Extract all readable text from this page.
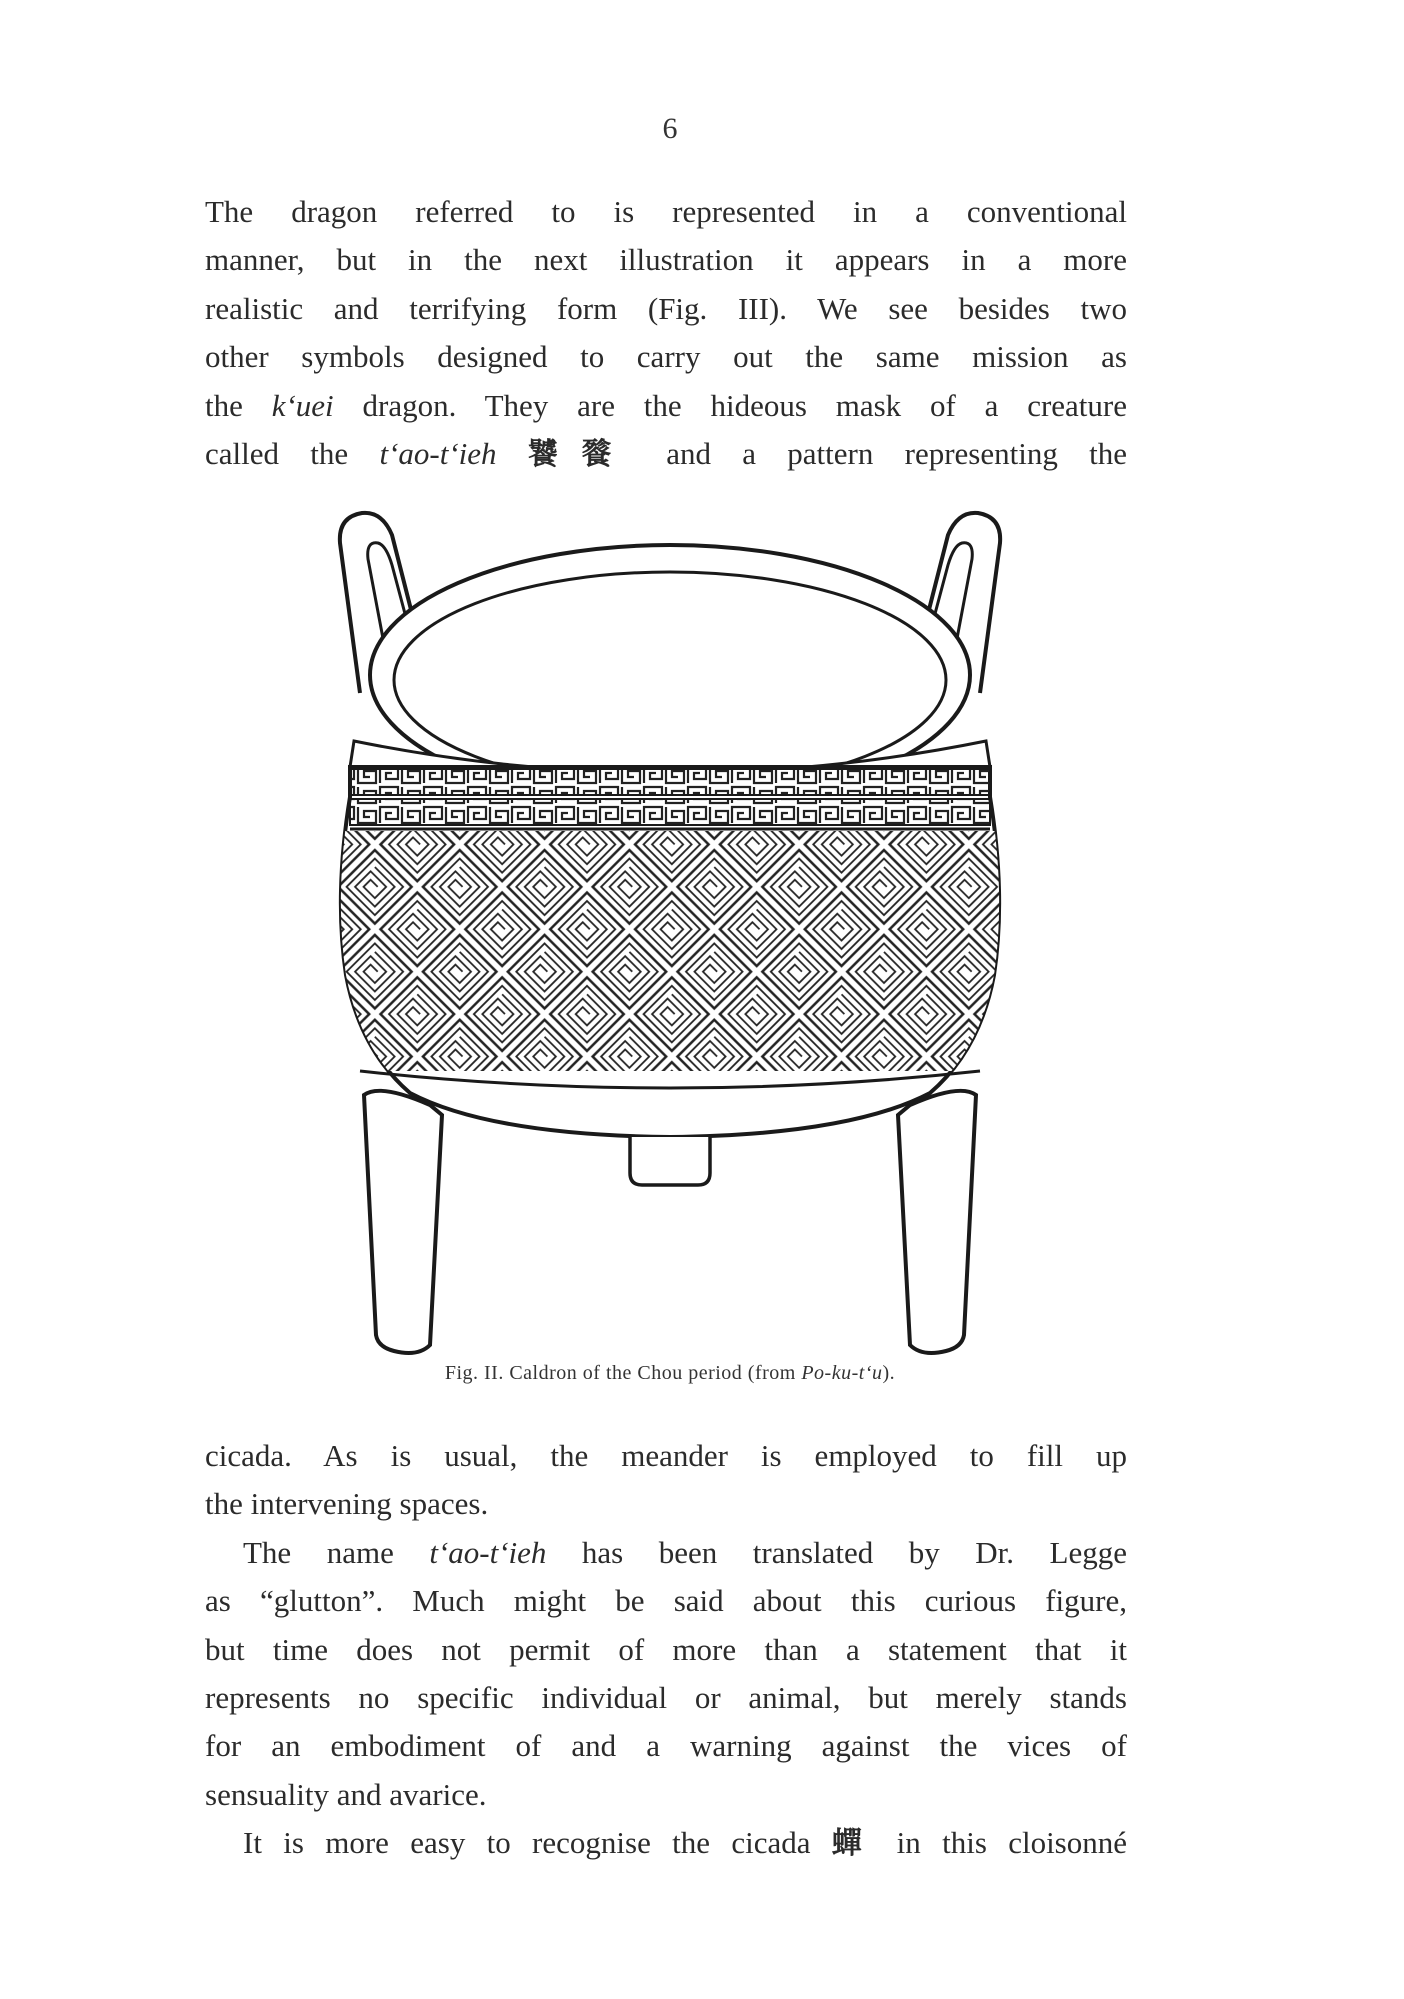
6
The dragon referred to is represented in a conventional
manner, but in the next illustration it appears in a more
realistic and terrifying form (Fig. III). We see besides two
other symbols designed to carry out the same mission as
the k‘uei dragon. They are the hideous mask of a creature
called the t‘ao-t‘ieh 饕餮 and a pattern representing the
Fig. II. Caldron of the Chou period (from Po-ku-t‘u).
cicada. As is usual, the meander is employed to fill up
the intervening spaces.
The name t‘ao-t‘ieh has been translated by Dr. Legge
as “glutton”. Much might be said about this curious figure,
but time does not permit of more than a statement that it
represents no specific individual or animal, but merely stands
for an embodiment of and a warning against the vices of
sensuality and avarice.
It is more easy to recognise the cicada 蟬 in this cloisonné
